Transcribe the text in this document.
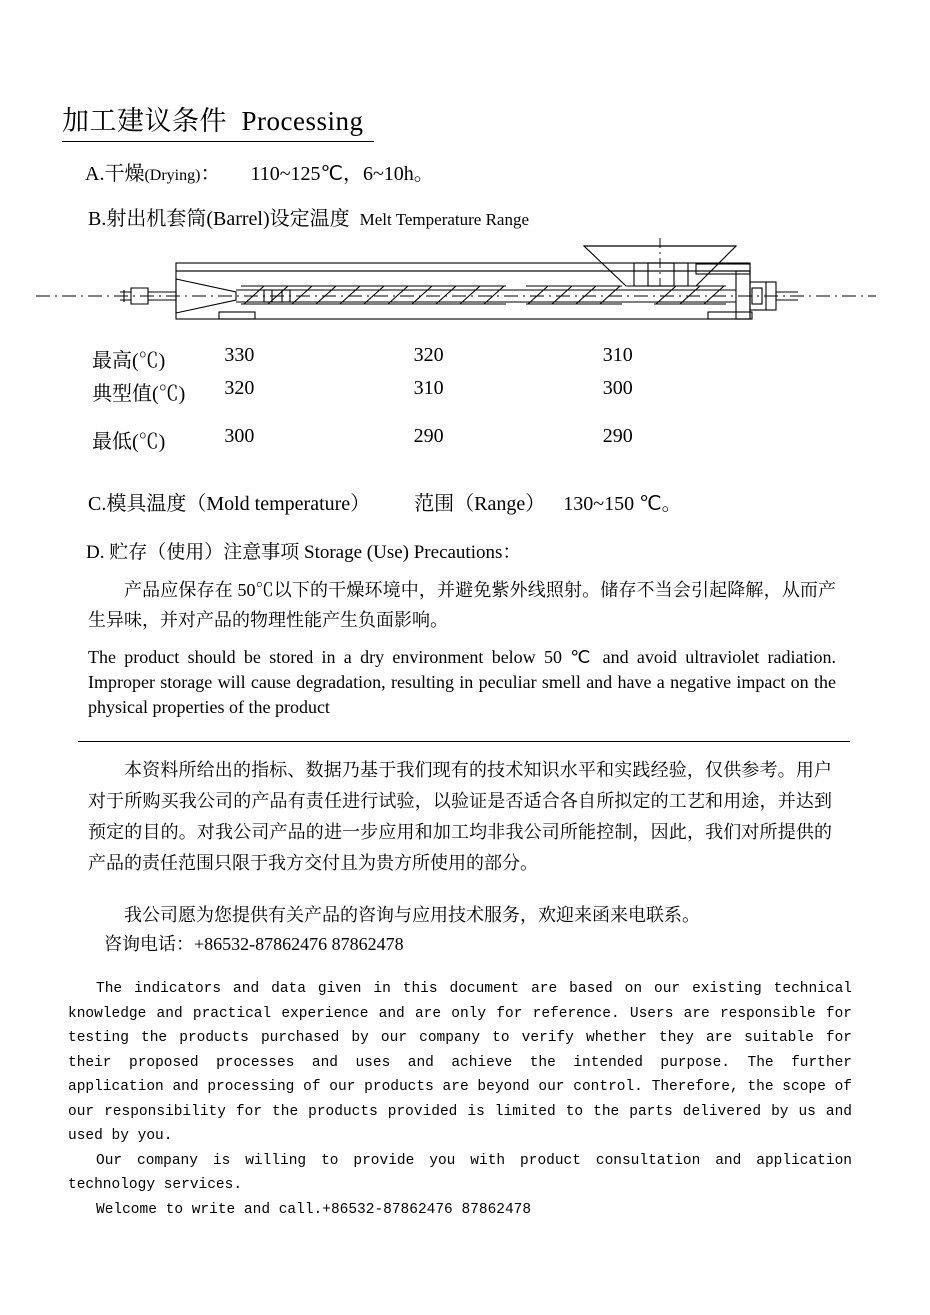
加工建议条件 Processing
A.干燥(Drying)： 110~125℃，6~10h。
B.射出机套筒(Barrel)设定温度 Melt Temperature Range
最高(℃)	330	320	310
典型值(℃)	320	310	300
最低(℃)	300	290	290
C.模具温度（Mold temperature） 范围（Range） 130~150 ℃。
D. 贮存（使用）注意事项 Storage (Use) Precautions：
产品应保存在 50℃以下的干燥环境中，并避免紫外线照射。储存不当会引起降解，从而产生异味，并对产品的物理性能产生负面影响。
The product should be stored in a dry environment below 50 ℃ and avoid ultraviolet radiation. Improper storage will cause degradation, resulting in peculiar smell and have a negative impact on the physical properties of the product
本资料所给出的指标、数据乃基于我们现有的技术知识水平和实践经验，仅供参考。用户对于所购买我公司的产品有责任进行试验，以验证是否适合各自所拟定的工艺和用途，并达到预定的目的。对我公司产品的进一步应用和加工均非我公司所能控制，因此，我们对所提供的产品的责任范围只限于我方交付且为贵方所使用的部分。
我公司愿为您提供有关产品的咨询与应用技术服务，欢迎来函来电联系。
咨询电话：+86532-87862476 87862478

The indicators and data given in this document are based on our existing technical knowledge and practical experience and are only for reference. Users are responsible for testing the products purchased by our company to verify whether they are suitable for their proposed processes and uses and achieve the intended purpose. The further application and processing of our products are beyond our control. Therefore, the scope of our responsibility for the products provided is limited to the parts delivered by us and used by you.

Our company is willing to provide you with product consultation and application technology services.

Welcome to write and call.+86532-87862476 87862478
